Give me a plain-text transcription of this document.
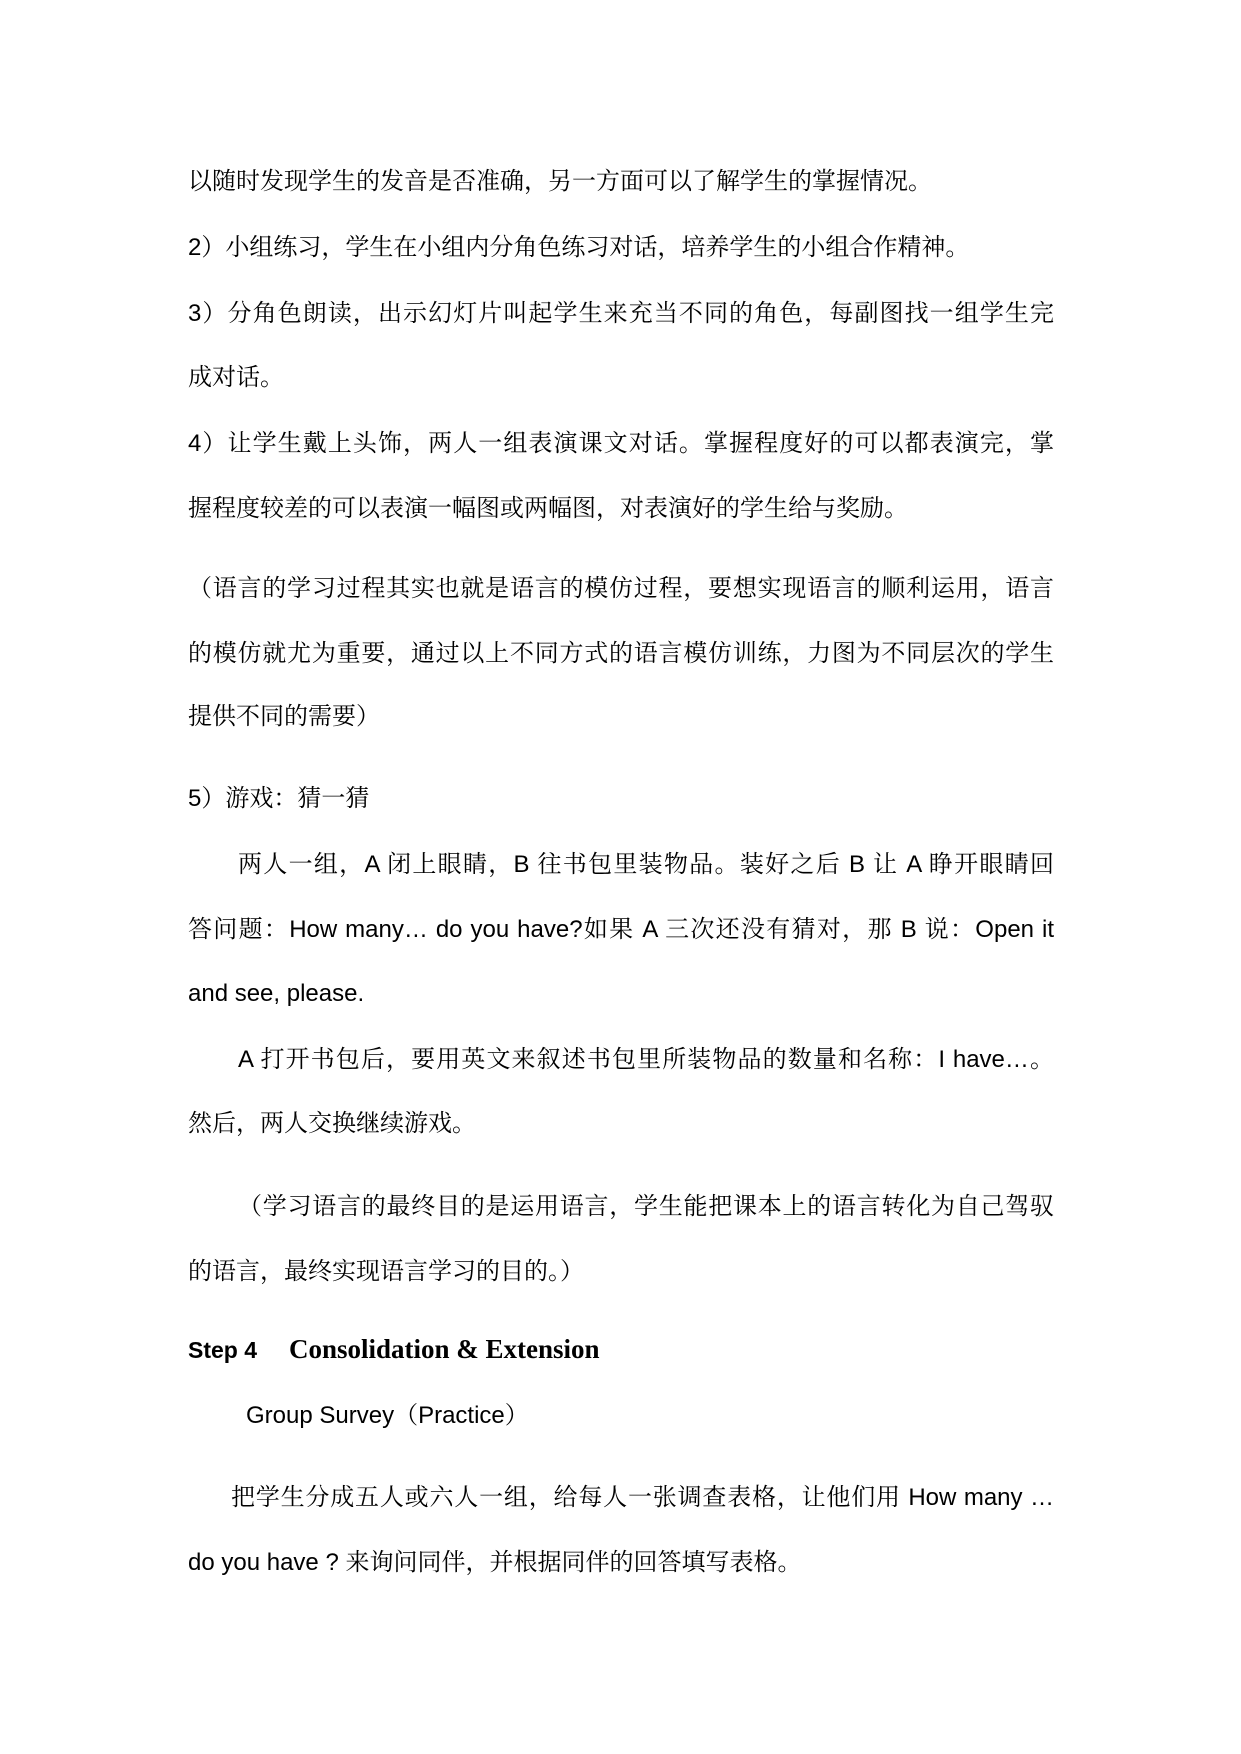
以随时发现学生的发音是否准确，另一方面可以了解学生的掌握情况。
2）小组练习，学生在小组内分角色练习对话，培养学生的小组合作精神。
3）分角色朗读，出示幻灯片叫起学生来充当不同的角色，每副图找一组学生完
成对话。
4）让学生戴上头饰，两人一组表演课文对话。掌握程度好的可以都表演完，掌
握程度较差的可以表演一幅图或两幅图，对表演好的学生给与奖励。
（语言的学习过程其实也就是语言的模仿过程，要想实现语言的顺利运用，语言
的模仿就尤为重要，通过以上不同方式的语言模仿训练，力图为不同层次的学生
提供不同的需要）
5）游戏：猜一猜
两人一组，A 闭上眼睛，B 往书包里装物品。装好之后 B 让 A 睁开眼睛回
答问题：How many… do you have?如果 A 三次还没有猜对，那 B 说：Open it
and see, please.
A 打开书包后，要用英文来叙述书包里所装物品的数量和名称：I have…。
然后，两人交换继续游戏。
（学习语言的最终目的是运用语言，学生能把课本上的语言转化为自己驾驭
的语言，最终实现语言学习的目的。）
Step 4	Consolidation & Extension
Group Survey（Practice）
把学生分成五人或六人一组，给每人一张调查表格，让他们用 How many …
do you have ? 来询问同伴，并根据同伴的回答填写表格。
